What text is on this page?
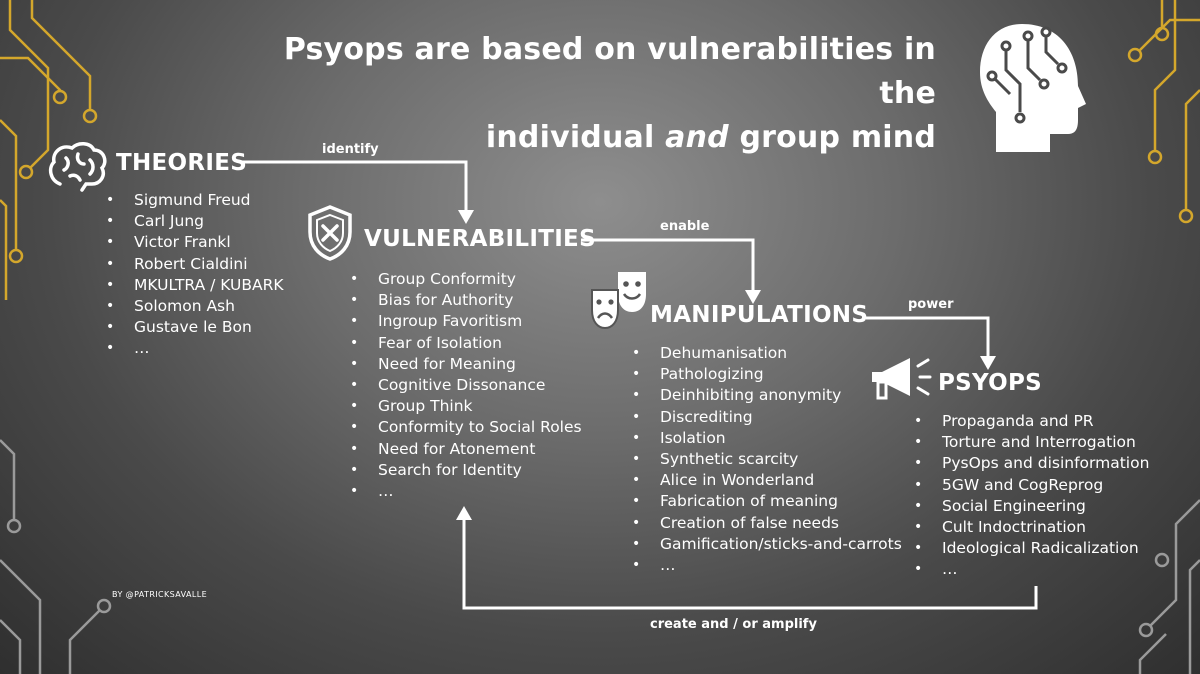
Psyops are based on vulnerabilities in the
individual and group mind
THEORIES
• Sigmund Freud
• Carl Jung
• Victor Frankl
• Robert Cialdini
• MKULTRA / KUBARK
• Solomon Ash
• Gustave le Bon
• …
VULNERABILITIES
• Group Conformity
• Bias for Authority
• Ingroup Favoritism
• Fear of Isolation
• Need for Meaning
• Cognitive Dissonance
• Group Think
• Conformity to Social Roles
• Need for Atonement
• Search for Identity
• …
MANIPULATIONS
• Dehumanisation
• Pathologizing
• Deinhibiting anonymity
• Discrediting
• Isolation
• Synthetic scarcity
• Alice in Wonderland
• Fabrication of meaning
• Creation of false needs
• Gamification/sticks-and-carrots
• …
PSYOPS
• Propaganda and PR
• Torture and Interrogation
• PysOps and disinformation
• 5GW and CogReprog
• Social Engineering
• Cult Indoctrination
• Ideological Radicalization
• …
identify
enable
power
create and / or amplify
BY @PATRICKSAVALLE
